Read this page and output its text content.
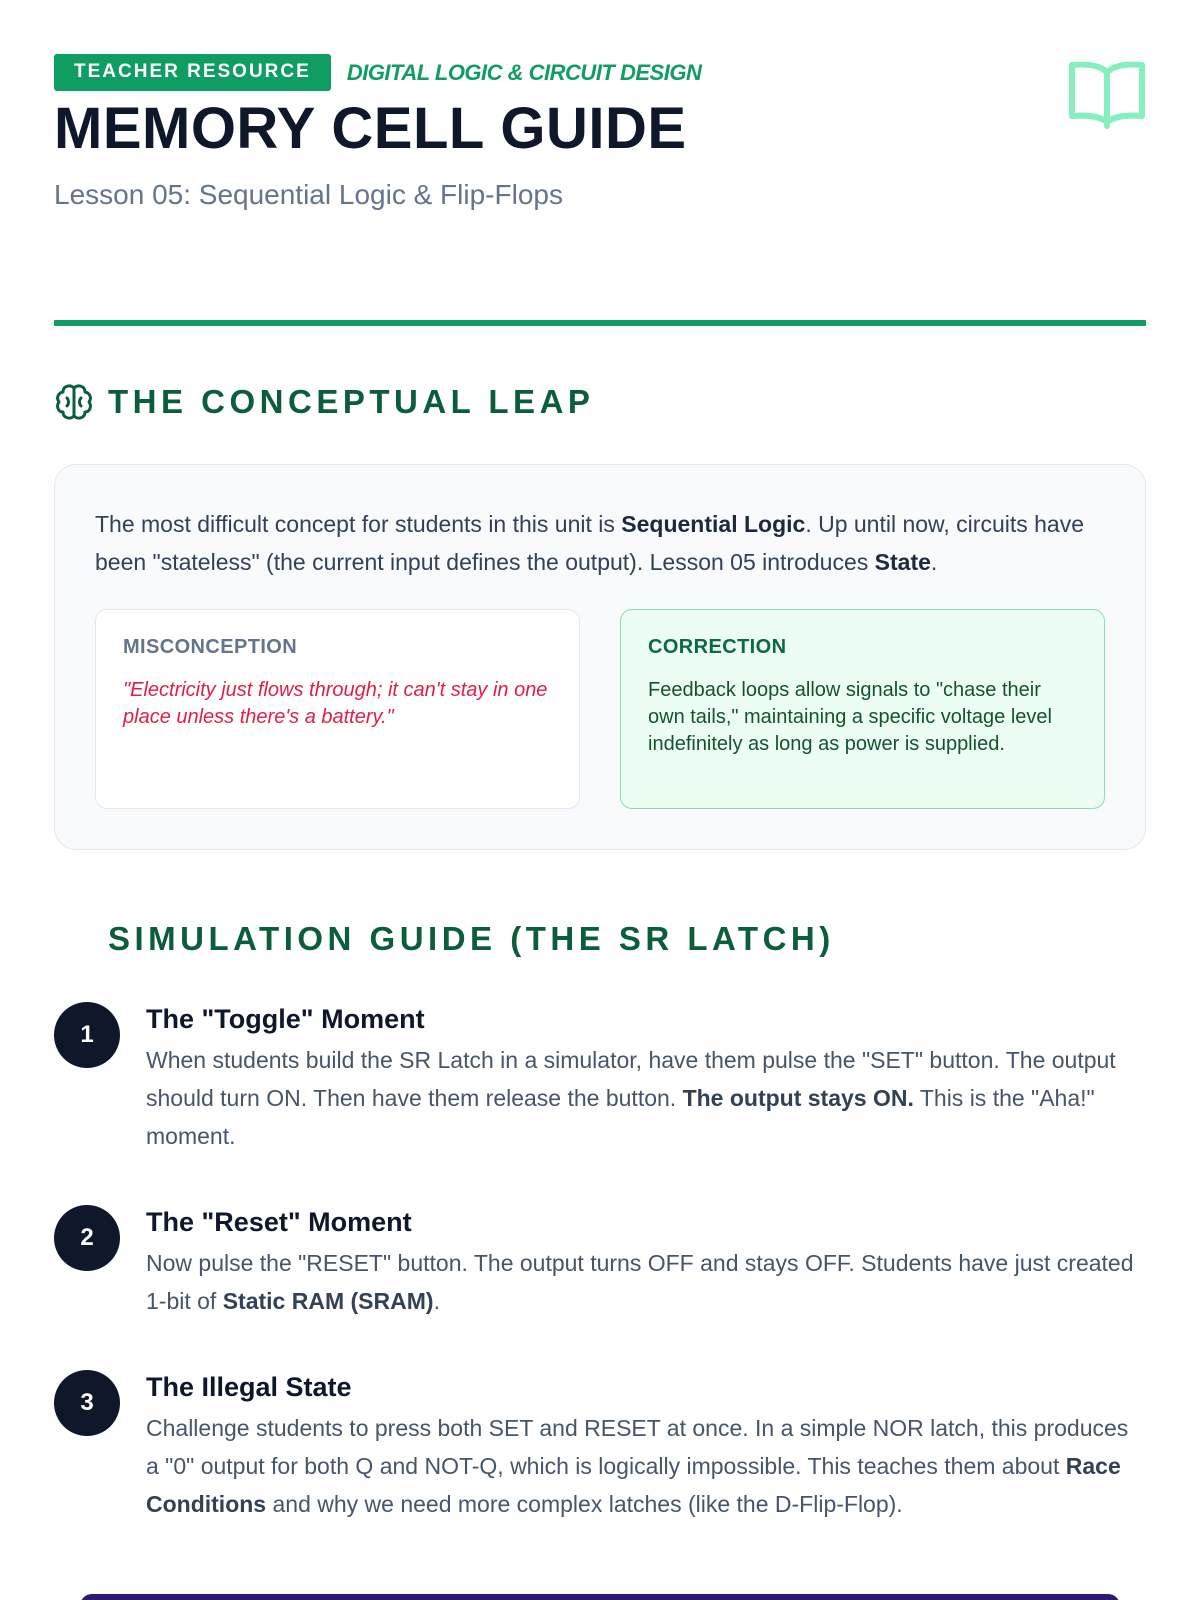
TEACHER RESOURCE	DIGITAL LOGIC & CIRCUIT DESIGN
MEMORY CELL GUIDE
Lesson 05: Sequential Logic & Flip-Flops
THE CONCEPTUAL LEAP

The most difficult concept for students in this unit is Sequential Logic. Up until now, circuits have been "stateless" (the current input defines the output). Lesson 05 introduces State.

MISCONCEPTION
"Electricity just flows through; it can't stay in one place unless there's a battery."
CORRECTION
Feedback loops allow signals to "chase their own tails," maintaining a specific voltage level indefinitely as long as power is supplied.
SIMULATION GUIDE (THE SR LATCH)
1
The "Toggle" Moment
When students build the SR Latch in a simulator, have them pulse the "SET" button. The output should turn ON. Then have them release the button. The output stays ON. This is the "Aha!" moment.
2
The "Reset" Moment
Now pulse the "RESET" button. The output turns OFF and stays OFF. Students have just created 1-bit of Static RAM (SRAM).
3
The Illegal State
Challenge students to press both SET and RESET at once. In a simple NOR latch, this produces a "0" output for both Q and NOT-Q, which is logically impossible. This teaches them about Race Conditions and why we need more complex latches (like the D-Flip-Flop).
